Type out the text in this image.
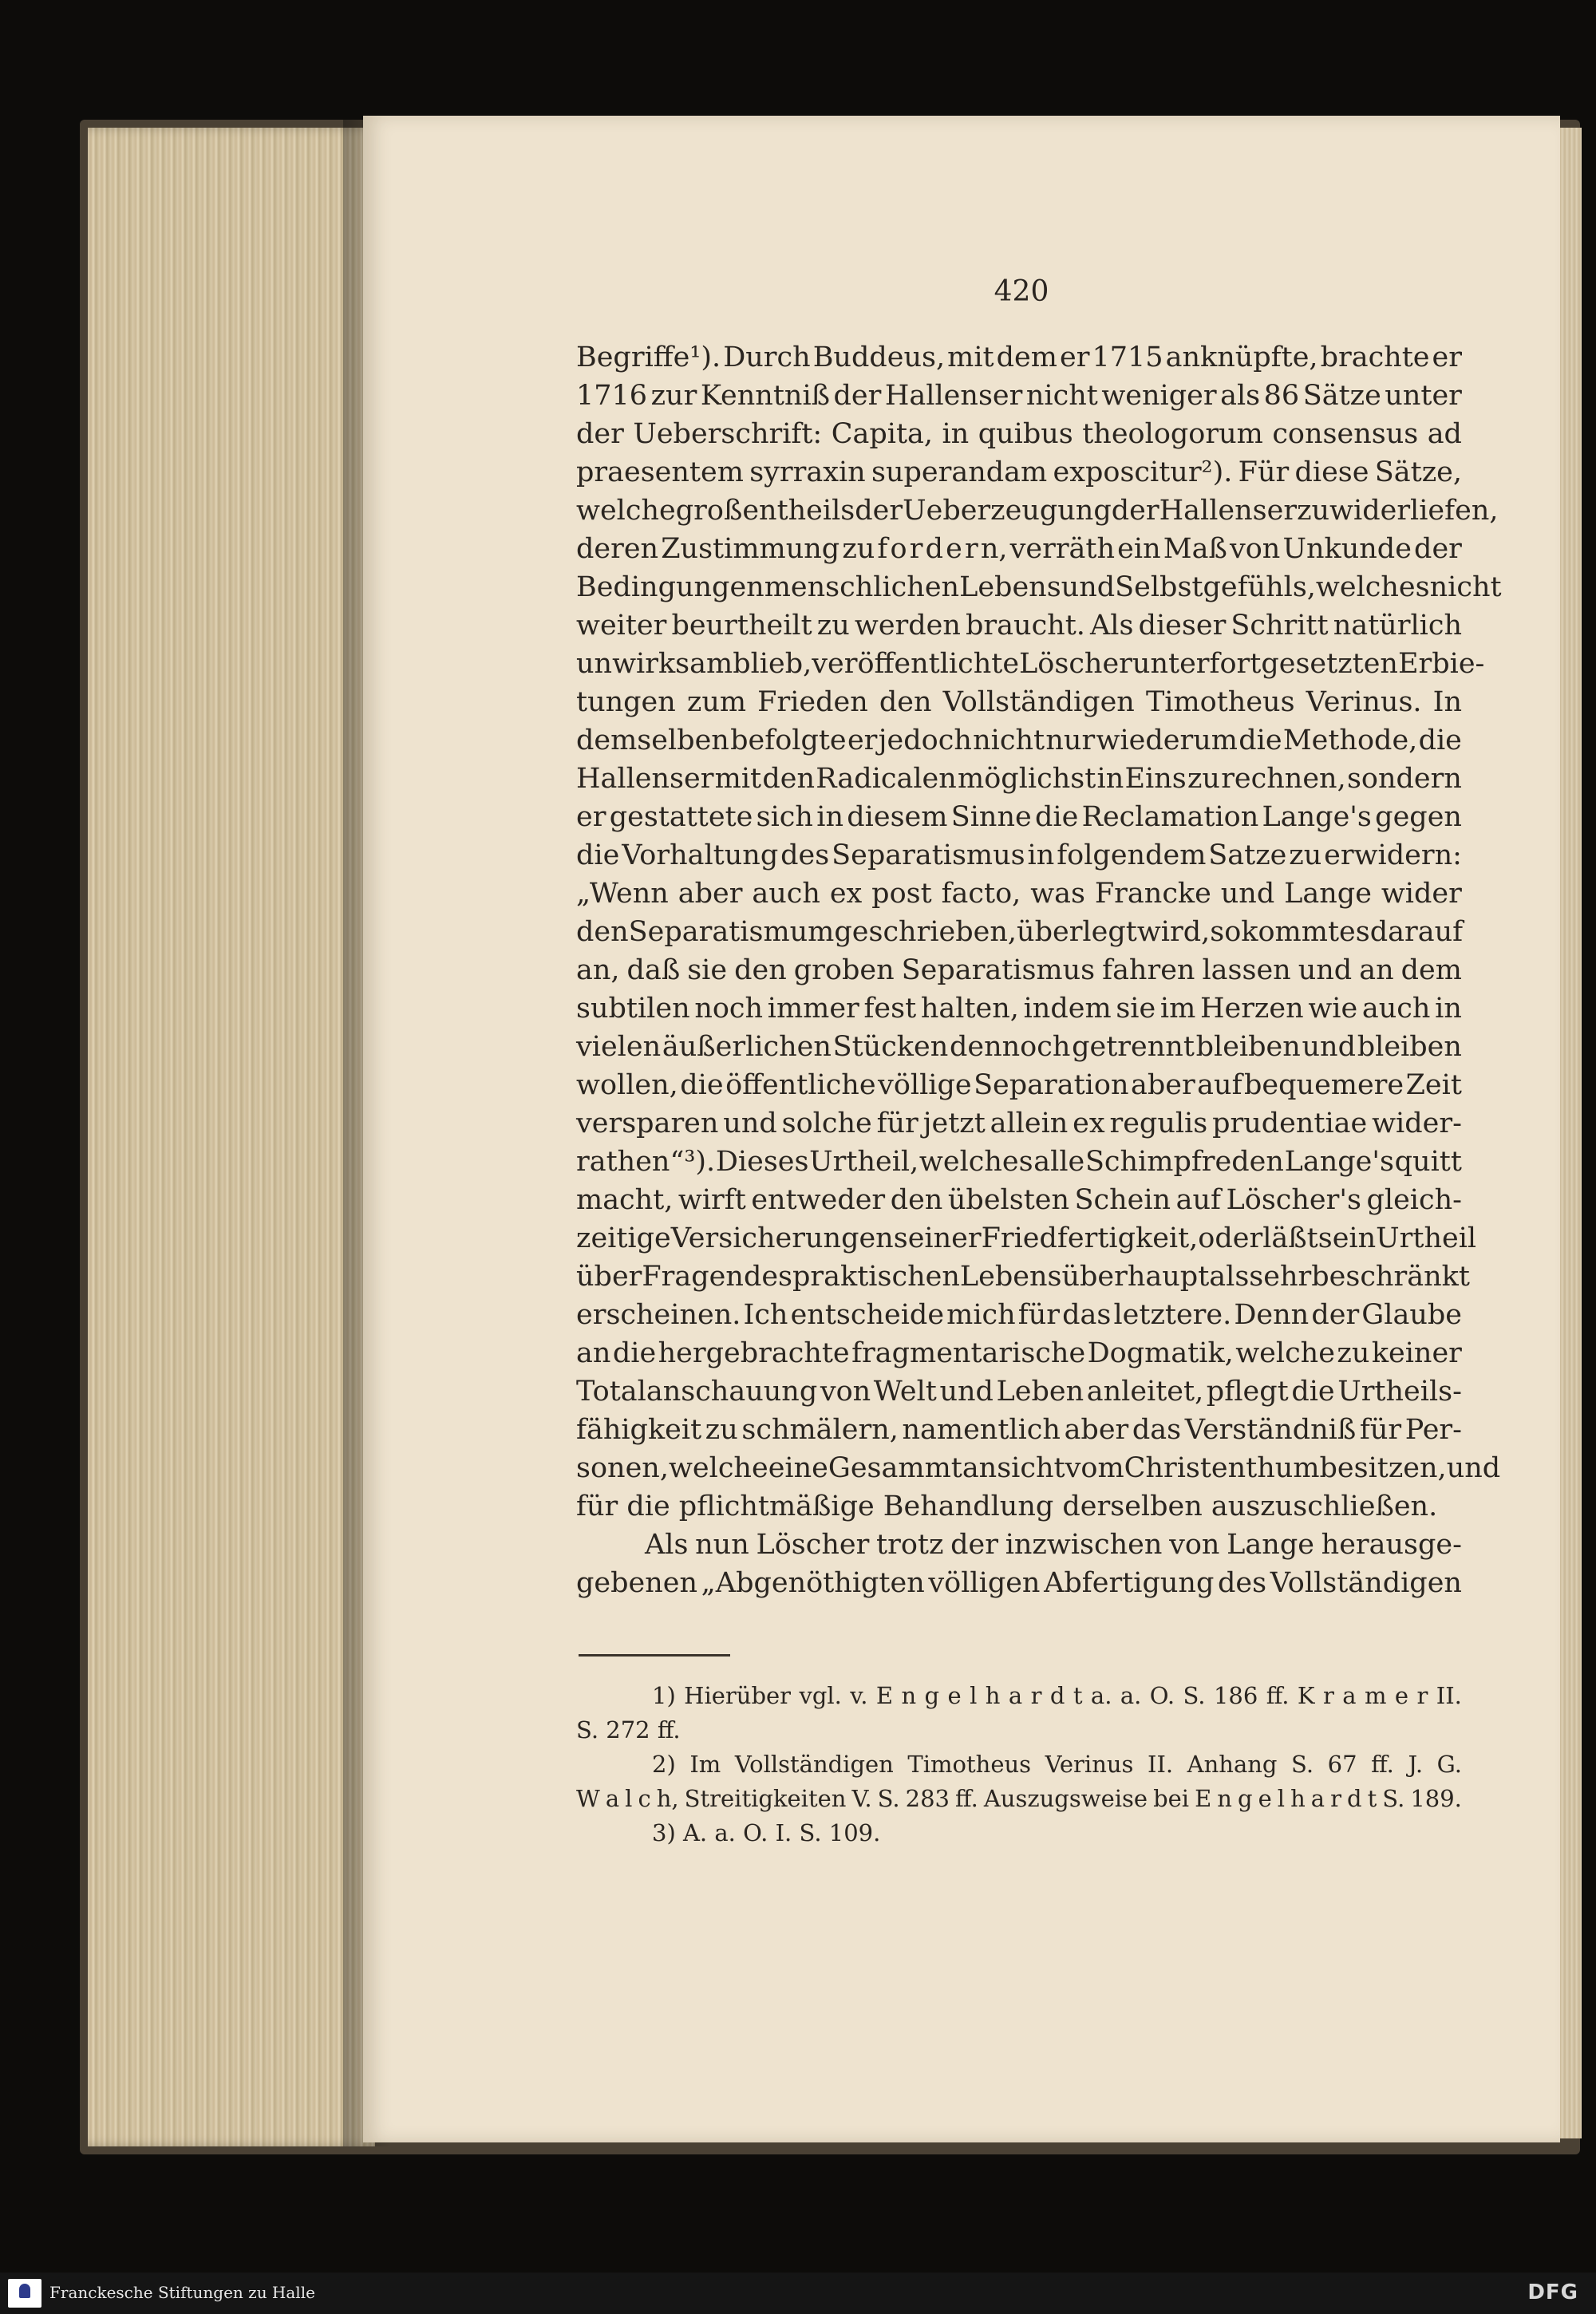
420
Begriffe¹). Durch Buddeus, mit dem er 1715 anknüpfte, brachte er
1716 zur Kenntniß der Hallenser nicht weniger als 86 Sätze unter
der Ueberschrift: Capita, in quibus theologorum consensus ad
praesentem syrraxin superandam exposcitur²). Für diese Sätze,
welche großentheils der Ueberzeugung der Hallenser zuwiderliefen,
deren Zustimmung zu f o r d e r n, verräth ein Maß von Unkunde der
Bedingungen menschlichen Lebens und Selbstgefühls, welches nicht
weiter beurtheilt zu werden braucht. Als dieser Schritt natürlich
unwirksam blieb, veröffentlichte Löscher unter fortgesetzten Erbie-
tungen zum Frieden den Vollständigen Timotheus Verinus. In
demselben befolgte er jedoch nicht nur wiederum die Methode, die
Hallenser mit den Radicalen möglichst in Eins zu rechnen, sondern
er gestattete sich in diesem Sinne die Reclamation Lange's gegen
die Vorhaltung des Separatismus in folgendem Satze zu erwidern:
„Wenn aber auch ex post facto, was Francke und Lange wider
den Separatismum geschrieben, überlegt wird, so kommt es darauf
an, daß sie den groben Separatismus fahren lassen und an dem
subtilen noch immer fest halten, indem sie im Herzen wie auch in
vielen äußerlichen Stücken dennoch getrennt bleiben und bleiben
wollen, die öffentliche völlige Separation aber auf bequemere Zeit
versparen und solche für jetzt allein ex regulis prudentiae wider-
rathen“³). Dieses Urtheil, welches alle Schimpfreden Lange's quitt
macht, wirft entweder den übelsten Schein auf Löscher's gleich-
zeitige Versicherungen seiner Friedfertigkeit, oder läßt sein Urtheil
über Fragen des praktischen Lebens überhaupt als sehr beschränkt
erscheinen. Ich entscheide mich für das letztere. Denn der Glaube
an die hergebrachte fragmentarische Dogmatik, welche zu keiner
Totalanschauung von Welt und Leben anleitet, pflegt die Urtheils-
fähigkeit zu schmälern, namentlich aber das Verständniß für Per-
sonen, welche eine Gesammtansicht vom Christenthum besitzen, und
für die pflichtmäßige Behandlung derselben auszuschließen.
Als nun Löscher trotz der inzwischen von Lange herausge-
gebenen „Abgenöthigten völligen Abfertigung des Vollständigen
1) Hierüber vgl. v. E n g e l h a r d t a. a. O. S. 186 ff. K r a m e r II.
S. 272 ff.
2) Im Vollständigen Timotheus Verinus II. Anhang S. 67 ff. J. G.
W a l c h, Streitigkeiten V. S. 283 ff. Auszugsweise bei E n g e l h a r d t S. 189.
3) A. a. O. I. S. 109.
Franckesche Stiftungen zu Halle	DFG
